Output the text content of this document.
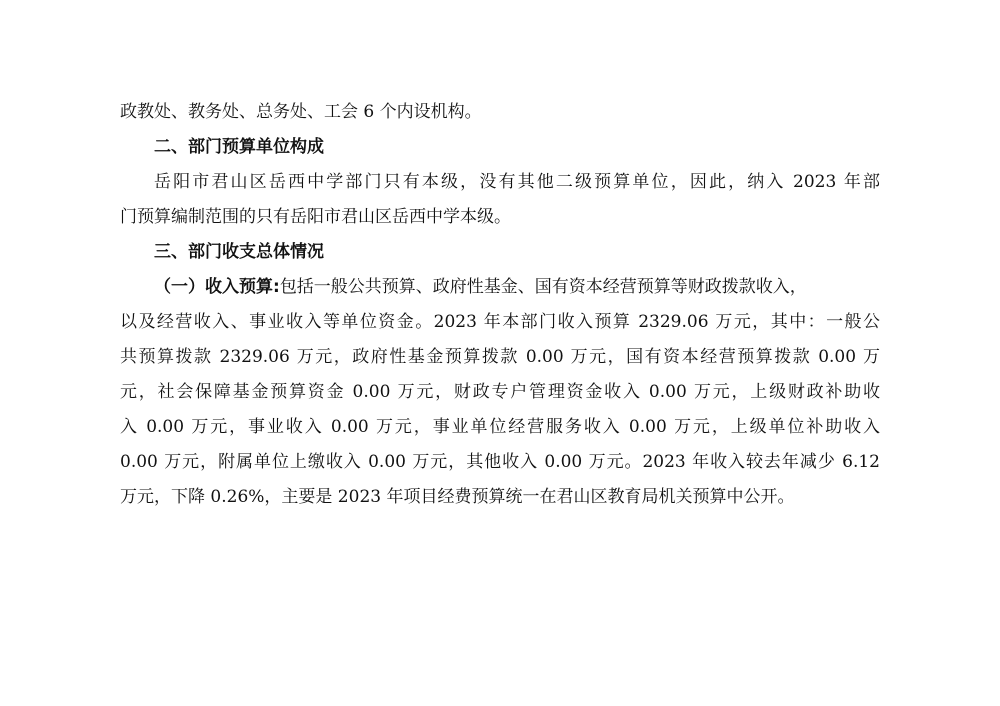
政教处、教务处、总务处、工会 6 个内设机构。
二、部门预算单位构成
岳阳市君山区岳西中学部门只有本级，没有其他二级预算单位，因此，纳入 2023 年部
门预算编制范围的只有岳阳市君山区岳西中学本级。
三、部门收支总体情况
（一）收入预算:包括一般公共预算、政府性基金、国有资本经营预算等财政拨款收入，
以及经营收入、事业收入等单位资金。2023 年本部门收入预算 2329.06 万元，其中：一般公
共预算拨款 2329.06 万元，政府性基金预算拨款 0.00 万元，国有资本经营预算拨款 0.00 万
元，社会保障基金预算资金 0.00 万元，财政专户管理资金收入 0.00 万元，上级财政补助收
入 0.00 万元，事业收入 0.00 万元，事业单位经营服务收入 0.00 万元，上级单位补助收入
0.00 万元，附属单位上缴收入 0.00 万元，其他收入 0.00 万元。2023 年收入较去年减少 6.12
万元，下降 0.26%，主要是 2023 年项目经费预算统一在君山区教育局机关预算中公开。
